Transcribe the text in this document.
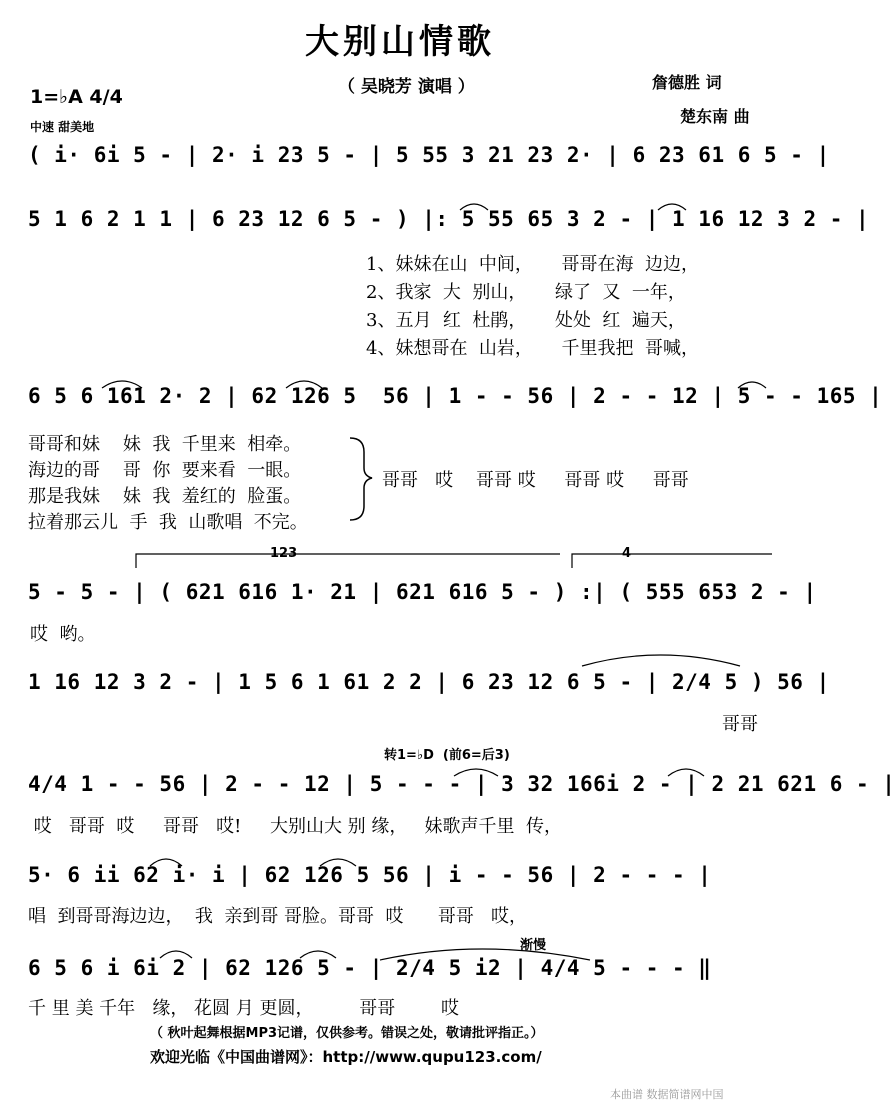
大别山情歌
（ 吴晓芳 演唱 ）	詹德胜 词
楚东南 曲
1=♭A 4/4
中速 甜美地
( i· 6i 5 - | 2· i 23 5 - | 5 55 3 21 23 2· | 6 23 61 6 5 - |
5 1 6 2 1 1 | 6 23 12 6 5 - ) |: 5 55 65 3 2 - | 1 16 12 3 2 - |
1、妹妹在山  中间，     哥哥在海  边边，
2、我家  大  别山，     绿了  又  一年，
3、五月  红  杜鹃，     处处  红  遍天，
4、妹想哥在  山岩，     千里我把  哥喊，
6 5 6 161 2· 2 | 62 126 5  56 | 1 - - 56 | 2 - - 12 | 5 - - 165 |
哥哥和妹    妹  我  千里来  相牵。
海边的哥    哥  你  要来看  一眼。
那是我妹    妹  我  羞红的  脸蛋。
拉着那云儿  手  我  山歌唱  不完。
哥哥   哎    哥哥 哎     哥哥 哎     哥哥
123	4
5 - 5 - | ( 621 616 1· 21 | 621 616 5 - ) :| ( 555 653 2 - |
哎  哟。
1 16 12 3 2 - | 1 5 6 1 61 2 2 | 6 23 12 6 5 - | 2/4 5 ) 56 |
哥哥
转1=♭D  (前6=后3)
4/4 1 - - 56 | 2 - - 12 | 5 - - - | 3 32 166i 2 - | 2 21 621 6 - |
哎   哥哥  哎     哥哥   哎!     大别山大 别 缘，   妹歌声千里  传，
5· 6 ii 62 i· i | 62 126 5 56 | i - - 56 | 2 - - - |
唱  到哥哥海边边，  我  亲到哥 哥脸。哥哥  哎      哥哥   哎，
渐慢
6 5 6 i 6i 2 | 62 126 5 - | 2/4 5 i2 | 4/4 5 - - - ‖
千 里 美 千年   缘， 花圆 月 更圆，        哥哥        哎
（ 秋叶起舞根据MP3记谱，仅供参考。错误之处，敬请批评指正。）
欢迎光临《中国曲谱网》：http://www.qupu123.com/
本曲谱 数据简谱网中国
